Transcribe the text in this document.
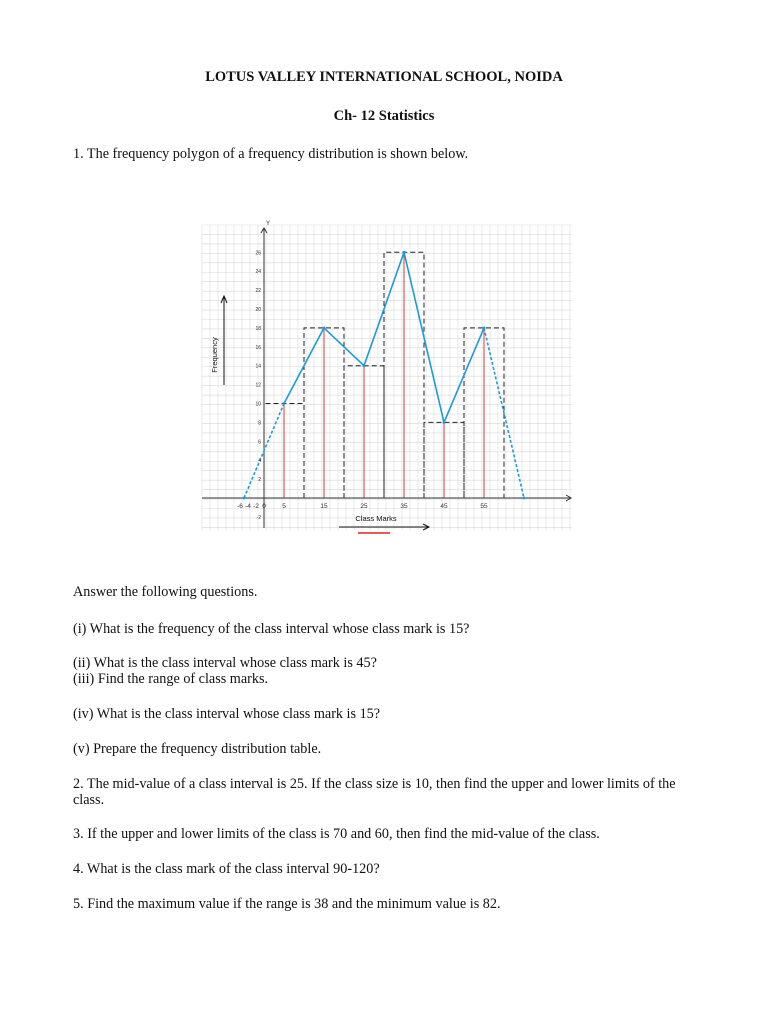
LOTUS VALLEY INTERNATIONAL SCHOOL, NOIDA
Ch- 12 Statistics
1. The frequency polygon of a frequency distribution is shown below.
-6 -4 -2 0	5	15	25	35	45	55
-2
2
4
6
8
10
12
14
16
18
20
22
24
26
Y
Class Marks
Frequency
Answer the following questions.
(i) What is the frequency of the class interval whose class mark is 15?
(ii) What is the class interval whose class mark is 45?
(iii) Find the range of class marks.
(iv) What is the class interval whose class mark is 15?
(v) Prepare the frequency distribution table.
2. The mid-value of a class interval is 25. If the class size is 10, then find the upper and lower limits of the class.
3. If the upper and lower limits of the class is 70 and 60, then find the mid-value of the class.
4. What is the class mark of the class interval 90-120?
5. Find the maximum value if the range is 38 and the minimum value is 82.
